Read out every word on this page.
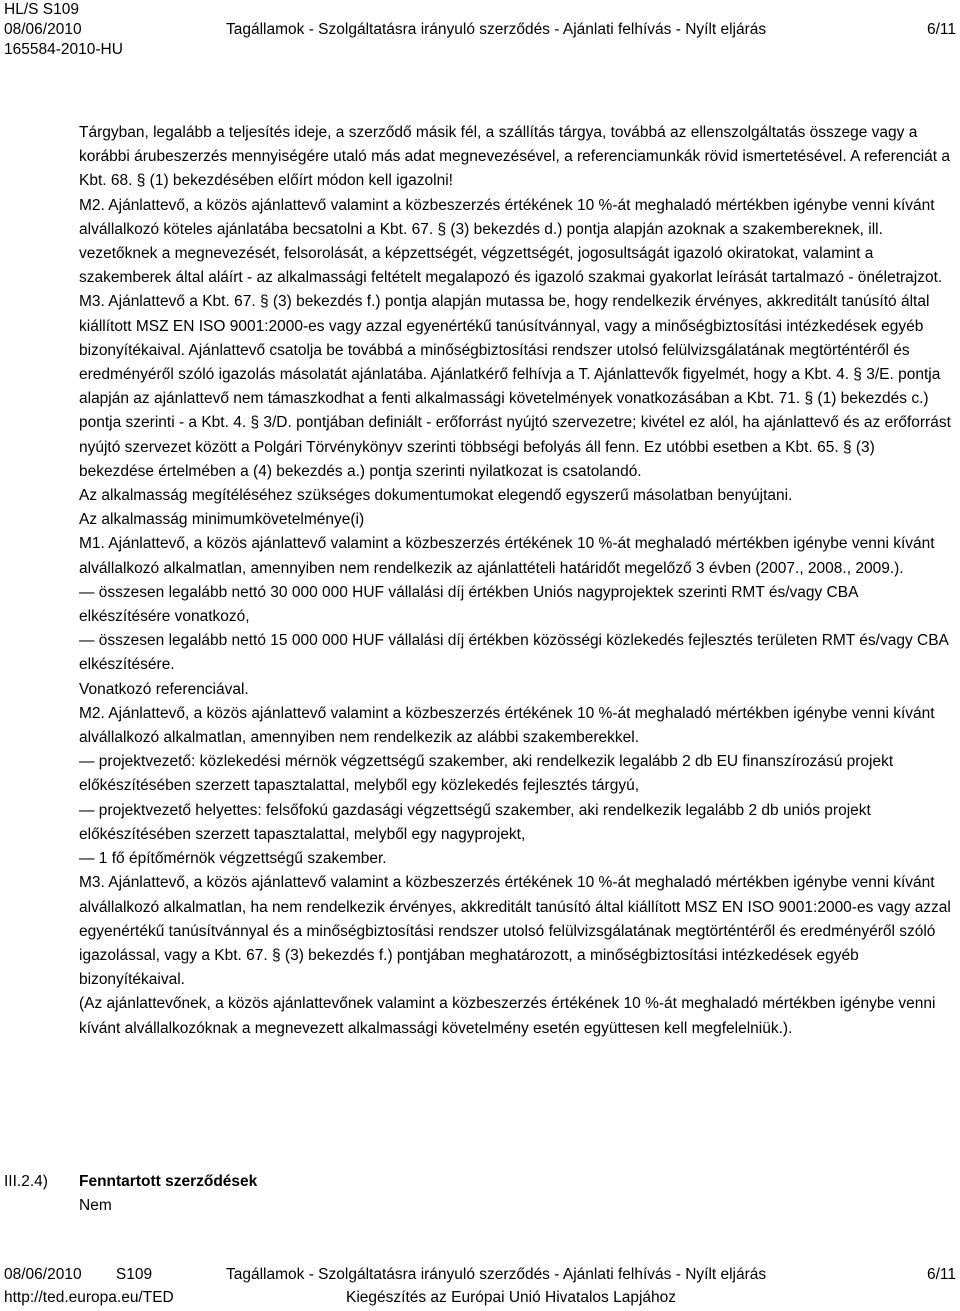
HL/S S109
08/06/2010
165584-2010-HU
Tagállamok - Szolgáltatásra irányuló szerződés - Ajánlati felhívás - Nyílt eljárás	6/11

Tárgyban, legalább a teljesítés ideje, a szerződő másik fél, a szállítás tárgya, továbbá az ellenszolgáltatás összege vagy a korábbi árubeszerzés mennyiségére utaló más adat megnevezésével, a referenciamunkák rövid ismertetésével. A referenciát a Kbt. 68. § (1) bekezdésében előírt módon kell igazolni!

M2. Ajánlattevő, a közös ajánlattevő valamint a közbeszerzés értékének 10 %-át meghaladó mértékben igénybe venni kívánt alvállalkozó köteles ajánlatába becsatolni a Kbt. 67. § (3) bekezdés d.) pontja alapján azoknak a szakembereknek, ill. vezetőknek a megnevezését, felsorolását, a képzettségét, végzettségét, jogosultságát igazoló okiratokat, valamint a szakemberek által aláírt - az alkalmassági feltételt megalapozó és igazoló szakmai gyakorlat leírását tartalmazó - önéletrajzot.

M3. Ajánlattevő a Kbt. 67. § (3) bekezdés f.) pontja alapján mutassa be, hogy rendelkezik érvényes, akkreditált tanúsító által kiállított MSZ EN ISO 9001:2000-es vagy azzal egyenértékű tanúsítvánnyal, vagy a minőségbiztosítási intézkedések egyéb bizonyítékaival. Ajánlattevő csatolja be továbbá a minőségbiztosítási rendszer utolsó felülvizsgálatának megtörténtéről és eredményéről szóló igazolás másolatát ajánlatába. Ajánlatkérő felhívja a T. Ajánlattevők figyelmét, hogy a Kbt. 4. § 3/E. pontja alapján az ajánlattevő nem támaszkodhat a fenti alkalmassági követelmények vonatkozásában a Kbt. 71. § (1) bekezdés c.) pontja szerinti - a Kbt. 4. § 3/D. pontjában definiált - erőforrást nyújtó szervezetre; kivétel ez alól, ha ajánlattevő és az erőforrást nyújtó szervezet között a Polgári Törvénykönyv szerinti többségi befolyás áll fenn. Ez utóbbi esetben a Kbt. 65. § (3) bekezdése értelmében a (4) bekezdés a.) pontja szerinti nyilatkozat is csatolandó.

Az alkalmasság megítéléséhez szükséges dokumentumokat elegendő egyszerű másolatban benyújtani.

Az alkalmasság minimumkövetelménye(i)

M1. Ajánlattevő, a közös ajánlattevő valamint a közbeszerzés értékének 10 %-át meghaladó mértékben igénybe venni kívánt alvállalkozó alkalmatlan, amennyiben nem rendelkezik az ajánlattételi határidőt megelőző 3 évben (2007., 2008., 2009.).

— összesen legalább nettó 30 000 000 HUF vállalási díj értékben Uniós nagyprojektek szerinti RMT és/vagy CBA elkészítésére vonatkozó,

— összesen legalább nettó 15 000 000 HUF vállalási díj értékben közösségi közlekedés fejlesztés területen RMT és/vagy CBA elkészítésére.

Vonatkozó referenciával.

M2. Ajánlattevő, a közös ajánlattevő valamint a közbeszerzés értékének 10 %-át meghaladó mértékben igénybe venni kívánt alvállalkozó alkalmatlan, amennyiben nem rendelkezik az alábbi szakemberekkel.

— projektvezető: közlekedési mérnök végzettségű szakember, aki rendelkezik legalább 2 db EU finanszírozású projekt előkészítésében szerzett tapasztalattal, melyből egy közlekedés fejlesztés tárgyú,

— projektvezető helyettes: felsőfokú gazdasági végzettségű szakember, aki rendelkezik legalább 2 db uniós projekt előkészítésében szerzett tapasztalattal, melyből egy nagyprojekt,

— 1 fő építőmérnök végzettségű szakember.

M3. Ajánlattevő, a közös ajánlattevő valamint a közbeszerzés értékének 10 %-át meghaladó mértékben igénybe venni kívánt alvállalkozó alkalmatlan, ha nem rendelkezik érvényes, akkreditált tanúsító által kiállított MSZ EN ISO 9001:2000-es vagy azzal egyenértékű tanúsítvánnyal és a minőségbiztosítási rendszer utolsó felülvizsgálatának megtörténtéről és eredményéről szóló igazolással, vagy a Kbt. 67. § (3) bekezdés f.) pontjában meghatározott, a minőségbiztosítási intézkedések egyéb bizonyítékaival.

(Az ajánlattevőnek, a közös ajánlattevőnek valamint a közbeszerzés értékének 10 %-át meghaladó mértékben igénybe venni kívánt alvállalkozóknak a megnevezett alkalmassági követelmény esetén együttesen kell megfelelniük.).

III.2.4) Fenntartott szerződések
Nem
08/06/2010 S109	Tagállamok - Szolgáltatásra irányuló szerződés - Ajánlati felhívás - Nyílt eljárás	6/11
http://ted.europa.eu/TED	Kiegészítés az Európai Unió Hivatalos Lapjához
